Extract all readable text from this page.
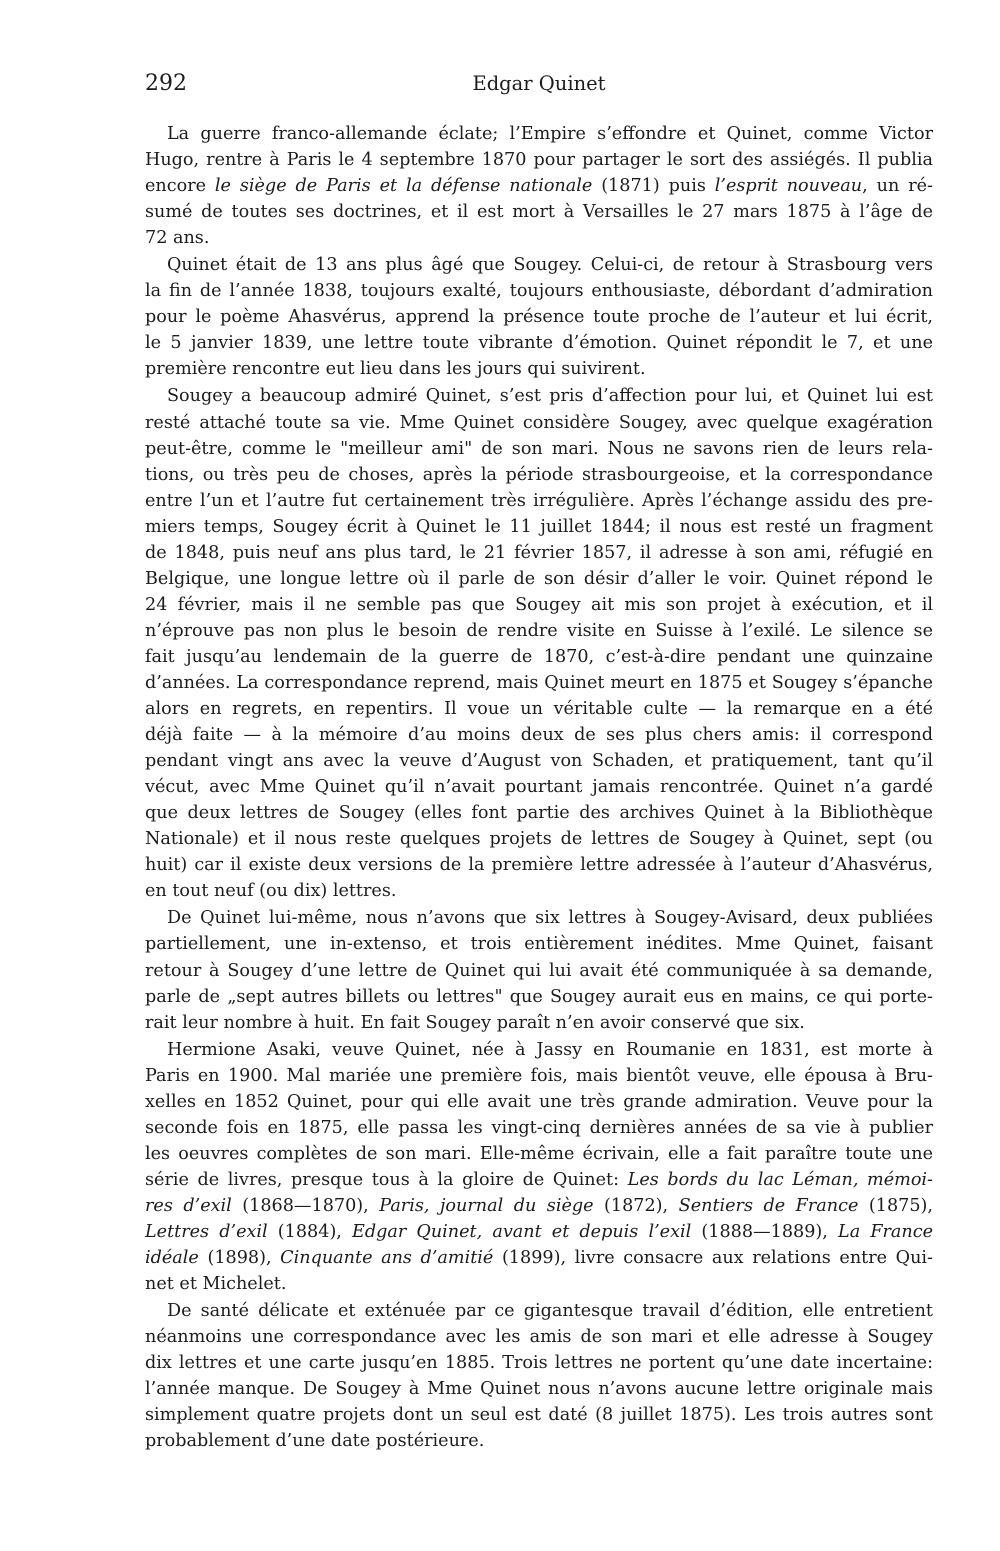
292	Edgar Quinet
La guerre franco-allemande éclate; l’Empire s’effondre et Quinet, comme Victor
Hugo, rentre à Paris le 4 septembre 1870 pour partager le sort des assiégés. Il publia
encore le siège de Paris et la défense nationale (1871) puis l’esprit nouveau, un ré-
sumé de toutes ses doctrines, et il est mort à Versailles le 27 mars 1875 à l’âge de
72 ans.
Quinet était de 13 ans plus âgé que Sougey. Celui-ci, de retour à Strasbourg vers
la fin de l’année 1838, toujours exalté, toujours enthousiaste, débordant d’admiration
pour le poème Ahasvérus, apprend la présence toute proche de l’auteur et lui écrit,
le 5 janvier 1839, une lettre toute vibrante d’émotion. Quinet répondit le 7, et une
première rencontre eut lieu dans les jours qui suivirent.
Sougey a beaucoup admiré Quinet, s’est pris d’affection pour lui, et Quinet lui est
resté attaché toute sa vie. Mme Quinet considère Sougey, avec quelque exagération
peut-être, comme le "meilleur ami" de son mari. Nous ne savons rien de leurs rela-
tions, ou très peu de choses, après la période strasbourgeoise, et la correspondance
entre l’un et l’autre fut certainement très irrégulière. Après l’échange assidu des pre-
miers temps, Sougey écrit à Quinet le 11 juillet 1844; il nous est resté un fragment
de 1848, puis neuf ans plus tard, le 21 février 1857, il adresse à son ami, réfugié en
Belgique, une longue lettre où il parle de son désir d’aller le voir. Quinet répond le
24 février, mais il ne semble pas que Sougey ait mis son projet à exécution, et il
n’éprouve pas non plus le besoin de rendre visite en Suisse à l’exilé. Le silence se
fait jusqu’au lendemain de la guerre de 1870, c’est-à-dire pendant une quinzaine
d’années. La correspondance reprend, mais Quinet meurt en 1875 et Sougey s’épanche
alors en regrets, en repentirs. Il voue un véritable culte — la remarque en a été
déjà faite — à la mémoire d’au moins deux de ses plus chers amis: il correspond
pendant vingt ans avec la veuve d’August von Schaden, et pratiquement, tant qu’il
vécut, avec Mme Quinet qu’il n’avait pourtant jamais rencontrée. Quinet n’a gardé
que deux lettres de Sougey (elles font partie des archives Quinet à la Bibliothèque
Nationale) et il nous reste quelques projets de lettres de Sougey à Quinet, sept (ou
huit) car il existe deux versions de la première lettre adressée à l’auteur d’Ahasvérus,
en tout neuf (ou dix) lettres.
De Quinet lui-même, nous n’avons que six lettres à Sougey-Avisard, deux publiées
partiellement, une in-extenso, et trois entièrement inédites. Mme Quinet, faisant
retour à Sougey d’une lettre de Quinet qui lui avait été communiquée à sa demande,
parle de „sept autres billets ou lettres" que Sougey aurait eus en mains, ce qui porte-
rait leur nombre à huit. En fait Sougey paraît n’en avoir conservé que six.
Hermione Asaki, veuve Quinet, née à Jassy en Roumanie en 1831, est morte à
Paris en 1900. Mal mariée une première fois, mais bientôt veuve, elle épousa à Bru-
xelles en 1852 Quinet, pour qui elle avait une très grande admiration. Veuve pour la
seconde fois en 1875, elle passa les vingt-cinq dernières années de sa vie à publier
les oeuvres complètes de son mari. Elle-même écrivain, elle a fait paraître toute une
série de livres, presque tous à la gloire de Quinet: Les bords du lac Léman, mémoi-
res d’exil (1868—1870), Paris, journal du siège (1872), Sentiers de France (1875),
Lettres d’exil (1884), Edgar Quinet, avant et depuis l’exil (1888—1889), La France
idéale (1898), Cinquante ans d’amitié (1899), livre consacre aux relations entre Qui-
net et Michelet.
De santé délicate et exténuée par ce gigantesque travail d’édition, elle entretient
néanmoins une correspondance avec les amis de son mari et elle adresse à Sougey
dix lettres et une carte jusqu’en 1885. Trois lettres ne portent qu’une date incertaine:
l’année manque. De Sougey à Mme Quinet nous n’avons aucune lettre originale mais
simplement quatre projets dont un seul est daté (8 juillet 1875). Les trois autres sont
probablement d’une date postérieure.
